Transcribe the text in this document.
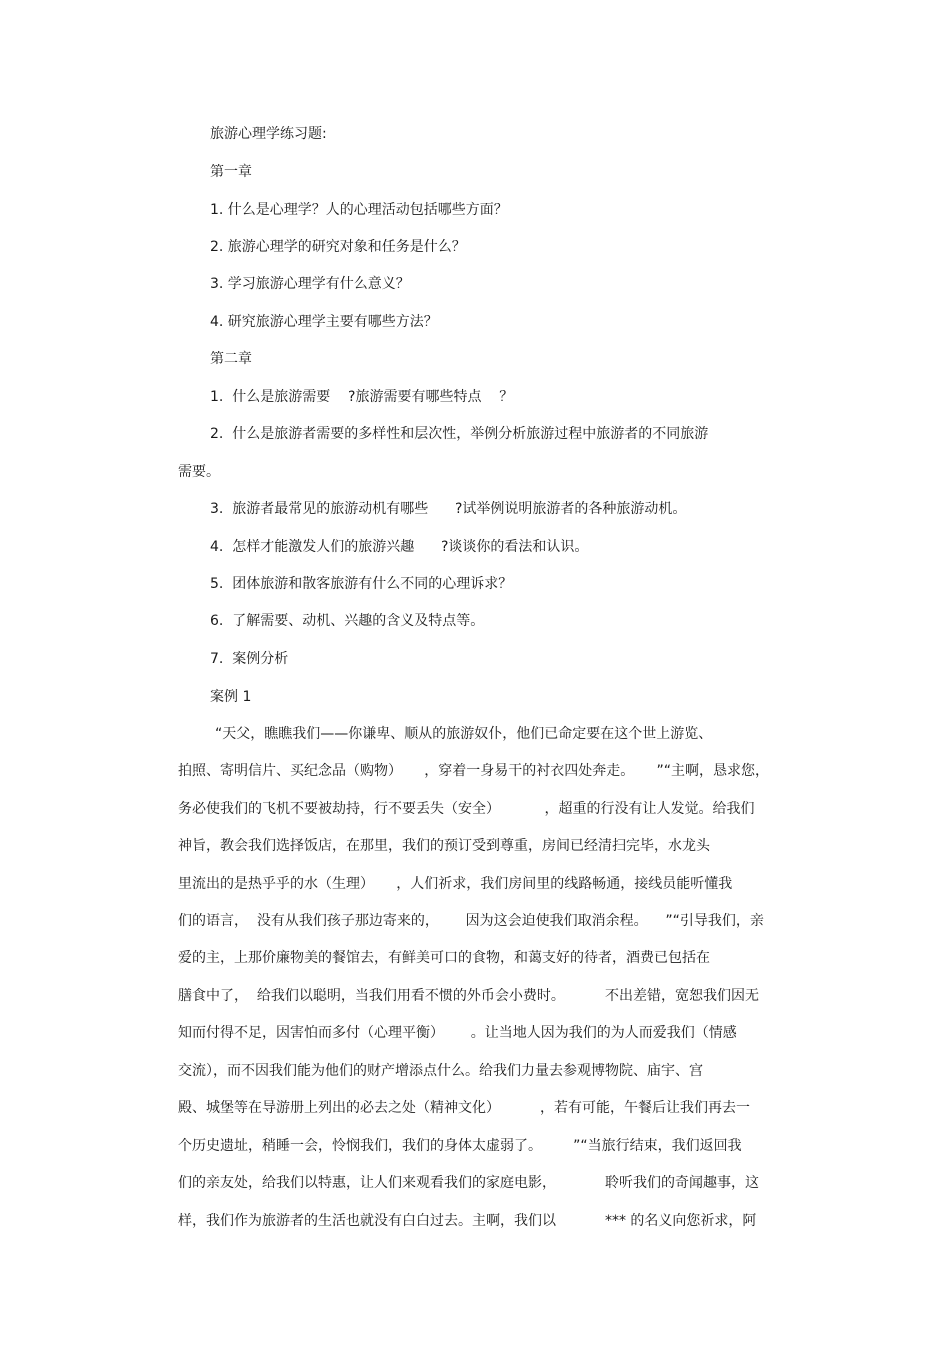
旅游心理学练习题:
第一章
1. 什么是心理学？人的心理活动包括哪些方面？
2. 旅游心理学的研究对象和任务是什么？
3. 学习旅游心理学有什么意义？
4. 研究旅游心理学主要有哪些方法？
第二章
1.  什么是旅游需要    ?旅游需要有哪些特点    ？
2.  什么是旅游者需要的多样性和层次性，举例分析旅游过程中旅游者的不同旅游
需要。
3.  旅游者最常见的旅游动机有哪些      ?试举例说明旅游者的各种旅游动机。
4.  怎样才能激发人们的旅游兴趣      ?谈谈你的看法和认识。
5.  团体旅游和散客旅游有什么不同的心理诉求？
6.  了解需要、动机、兴趣的含义及特点等。
7.  案例分析
案例 1
“天父，瞧瞧我们——你谦卑、顺从的旅游奴仆，他们已命定要在这个世上游览、
拍照、寄明信片、买纪念品（购物）     ，穿着一身易干的衬衣四处奔走。     ”“主啊，恳求您，
务必使我们的飞机不要被劫持，行不要丢失（安全）          ，超重的行没有让人发觉。给我们
神旨，教会我们选择饭店，在那里，我们的预订受到尊重，房间已经清扫完毕，水龙头
里流出的是热乎乎的水（生理）     ，人们祈求，我们房间里的线路畅通，接线员能听懂我
们的语言，  没有从我们孩子那边寄来的，      因为这会迫使我们取消余程。    ”“引导我们，亲
爱的主，上那价廉物美的餐馆去，有鲜美可口的食物，和蔼支好的待者，酒费已包括在
膳食中了，  给我们以聪明，当我们用看不惯的外币会小费时。         不出差错，宽恕我们因无
知而付得不足，因害怕而多付（心理平衡）      。让当地人因为我们的为人而爱我们（情感
交流），而不因我们能为他们的财产增添点什么。给我们力量去参观博物院、庙宇、宫
殿、城堡等在导游册上列出的必去之处（精神文化）         ，若有可能，午餐后让我们再去一
个历史遗址，稍睡一会，怜悯我们，我们的身体太虚弱了。       ”“当旅行结束，我们返回我
们的亲友处，给我们以特惠，让人们来观看我们的家庭电影，           聆听我们的奇闻趣事，这
样，我们作为旅游者的生活也就没有白白过去。主啊，我们以           *** 的名义向您祈求，阿
